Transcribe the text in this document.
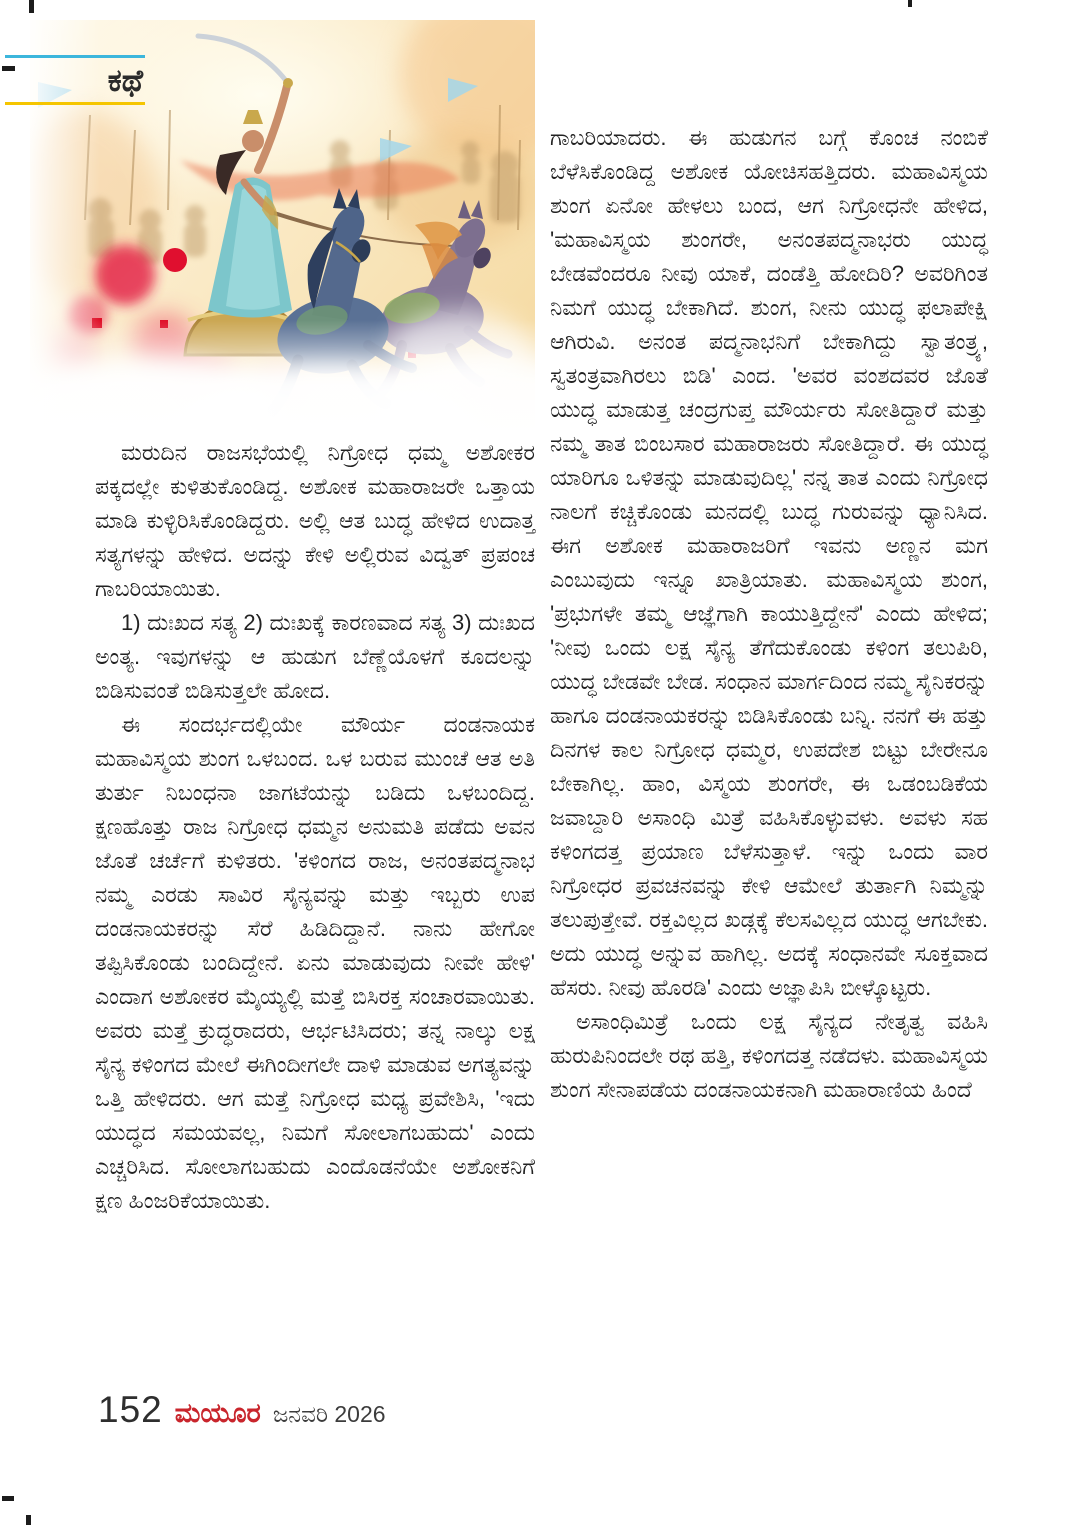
ಕಥೆ

ಮರುದಿನ ರಾಜಸಭೆಯಲ್ಲಿ ನಿಗ್ರೋಧ ಧಮ್ಮ ಅಶೋಕರ ಪಕ್ಕದಲ್ಲೇ ಕುಳಿತುಕೊಂಡಿದ್ದ. ಅಶೋಕ ಮಹಾರಾಜರೇ ಒತ್ತಾಯ ಮಾಡಿ ಕುಳ್ಳಿರಿಸಿಕೊಂಡಿದ್ದರು. ಅಲ್ಲಿ ಆತ ಬುದ್ಧ ಹೇಳಿದ ಉದಾತ್ತ ಸತ್ಯಗಳನ್ನು ಹೇಳಿದ. ಅದನ್ನು ಕೇಳಿ ಅಲ್ಲಿರುವ ವಿದ್ವತ್ ಪ್ರಪಂಚ ಗಾಬರಿಯಾಯಿತು.

1) ದುಃಖದ ಸತ್ಯ 2) ದುಃಖಕ್ಕೆ ಕಾರಣವಾದ ಸತ್ಯ 3) ದುಃಖದ ಅಂತ್ಯ. ಇವುಗಳನ್ನು ಆ ಹುಡುಗ ಬೆಣ್ಣೆಯೊಳಗೆ ಕೂದಲನ್ನು ಬಿಡಿಸುವಂತೆ ಬಿಡಿಸುತ್ತಲೇ ಹೋದ.

ಈ ಸಂದರ್ಭದಲ್ಲಿಯೇ ಮೌರ್ಯ ದಂಡನಾಯಕ ಮಹಾವಿಸ್ಮಯ ಶುಂಗ ಒಳಬಂದ. ಒಳ ಬರುವ ಮುಂಚೆ ಆತ ಅತಿ ತುರ್ತು ನಿಬಂಧನಾ ಜಾಗಟೆಯನ್ನು ಬಡಿದು ಒಳಬಂದಿದ್ದ. ಕ್ಷಣಹೊತ್ತು ರಾಜ ನಿಗ್ರೋಧ ಧಮ್ಮನ ಅನುಮತಿ ಪಡೆದು ಅವನ ಜೊತೆ ಚರ್ಚೆಗೆ ಕುಳಿತರು. 'ಕಳಿಂಗದ ರಾಜ, ಅನಂತಪದ್ಮನಾಭ ನಮ್ಮ ಎರಡು ಸಾವಿರ ಸೈನ್ಯವನ್ನು ಮತ್ತು ಇಬ್ಬರು ಉಪ ದಂಡನಾಯಕರನ್ನು ಸೆರೆ ಹಿಡಿದಿದ್ದಾನೆ. ನಾನು ಹೇಗೋ ತಪ್ಪಿಸಿಕೊಂಡು ಬಂದಿದ್ದೇನೆ. ಏನು ಮಾಡುವುದು ನೀವೇ ಹೇಳಿ' ಎಂದಾಗ ಅಶೋಕರ ಮೈಯ್ಯಲ್ಲಿ ಮತ್ತೆ ಬಿಸಿರಕ್ತ ಸಂಚಾರವಾಯಿತು. ಅವರು ಮತ್ತೆ ಕ್ರುದ್ಧರಾದರು, ಆರ್ಭಟಿಸಿದರು; ತನ್ನ ನಾಲ್ಕು ಲಕ್ಷ ಸೈನ್ಯ ಕಳಿಂಗದ ಮೇಲೆ ಈಗಿಂದೀಗಲೇ ದಾಳಿ ಮಾಡುವ ಅಗತ್ಯವನ್ನು ಒತ್ತಿ ಹೇಳಿದರು. ಆಗ ಮತ್ತೆ ನಿಗ್ರೋಧ ಮಧ್ಯ ಪ್ರವೇಶಿಸಿ, 'ಇದು ಯುದ್ಧದ ಸಮಯವಲ್ಲ, ನಿಮಗೆ ಸೋಲಾಗಬಹುದು' ಎಂದು ಎಚ್ಚರಿಸಿದ. ಸೋಲಾಗಬಹುದು ಎಂದೊಡನೆಯೇ ಅಶೋಕನಿಗೆ ಕ್ಷಣ ಹಿಂಜರಿಕೆಯಾಯಿತು.

ಗಾಬರಿಯಾದರು. ಈ ಹುಡುಗನ ಬಗ್ಗೆ ಕೊಂಚ ನಂಬಿಕೆ ಬೆಳೆಸಿಕೊಂಡಿದ್ದ ಅಶೋಕ ಯೋಚಿಸಹತ್ತಿದರು. ಮಹಾವಿಸ್ಮಯ ಶುಂಗ ಏನೋ ಹೇಳಲು ಬಂದ, ಆಗ ನಿಗ್ರೋಧನೇ ಹೇಳಿದ, 'ಮಹಾವಿಸ್ಮಯ ಶುಂಗರೇ, ಅನಂತಪದ್ಮನಾಭರು ಯುದ್ಧ ಬೇಡವೆಂದರೂ ನೀವು ಯಾಕೆ, ದಂಡೆತ್ತಿ ಹೋದಿರಿ? ಅವರಿಗಿಂತ ನಿಮಗೆ ಯುದ್ಧ ಬೇಕಾಗಿದೆ. ಶುಂಗ, ನೀನು ಯುದ್ಧ ಫಲಾಪೇಕ್ಷಿ ಆಗಿರುವಿ. ಅನಂತ ಪದ್ಮನಾಭನಿಗೆ ಬೇಕಾಗಿದ್ದು ಸ್ವಾತಂತ್ರ್ಯ, ಸ್ವತಂತ್ರವಾಗಿರಲು ಬಿಡಿ' ಎಂದ. 'ಅವರ ವಂಶದವರ ಜೊತೆ ಯುದ್ಧ ಮಾಡುತ್ತ ಚಂದ್ರಗುಪ್ತ ಮೌರ್ಯರು ಸೋತಿದ್ದಾರೆ ಮತ್ತು ನಮ್ಮ ತಾತ ಬಿಂಬಸಾರ ಮಹಾರಾಜರು ಸೋತಿದ್ದಾರೆ. ಈ ಯುದ್ಧ ಯಾರಿಗೂ ಒಳಿತನ್ನು ಮಾಡುವುದಿಲ್ಲ' ನನ್ನ ತಾತ ಎಂದು ನಿಗ್ರೋಧ ನಾಲಗೆ ಕಚ್ಚಿಕೊಂಡು ಮನದಲ್ಲಿ ಬುದ್ಧ ಗುರುವನ್ನು ಧ್ಯಾನಿಸಿದ. ಈಗ ಅಶೋಕ ಮಹಾರಾಜರಿಗೆ ಇವನು ಅಣ್ಣನ ಮಗ ಎಂಬುವುದು ಇನ್ನೂ ಖಾತ್ರಿಯಾತು. ಮಹಾವಿಸ್ಮಯ ಶುಂಗ, 'ಪ್ರಭುಗಳೇ ತಮ್ಮ ಆಜ್ಞೆಗಾಗಿ ಕಾಯುತ್ತಿದ್ದೇನೆ' ಎಂದು ಹೇಳಿದ; 'ನೀವು ಒಂದು ಲಕ್ಷ ಸೈನ್ಯ ತೆಗೆದುಕೊಂಡು ಕಳಿಂಗ ತಲುಪಿರಿ, ಯುದ್ಧ ಬೇಡವೇ ಬೇಡ. ಸಂಧಾನ ಮಾರ್ಗದಿಂದ ನಮ್ಮ ಸೈನಿಕರನ್ನು ಹಾಗೂ ದಂಡನಾಯಕರನ್ನು ಬಿಡಿಸಿಕೊಂಡು ಬನ್ನಿ. ನನಗೆ ಈ ಹತ್ತು ದಿನಗಳ ಕಾಲ ನಿಗ್ರೋಧ ಧಮ್ಮರ, ಉಪದೇಶ ಬಿಟ್ಟು ಬೇರೇನೂ ಬೇಕಾಗಿಲ್ಲ. ಹಾಂ, ವಿಸ್ಮಯ ಶುಂಗರೇ, ಈ ಒಡಂಬಡಿಕೆಯ ಜವಾಬ್ದಾರಿ ಅಸಾಂಧಿ ಮಿತ್ರೆ ವಹಿಸಿಕೊಳ್ಳುವಳು. ಅವಳು ಸಹ ಕಳಿಂಗದತ್ತ ಪ್ರಯಾಣ ಬೆಳೆಸುತ್ತಾಳೆ. ಇನ್ನು ಒಂದು ವಾರ ನಿಗ್ರೋಧರ ಪ್ರವಚನವನ್ನು ಕೇಳಿ ಆಮೇಲೆ ತುರ್ತಾಗಿ ನಿಮ್ಮನ್ನು ತಲುಪುತ್ತೇವೆ. ರಕ್ತವಿಲ್ಲದ ಖಡ್ಗಕ್ಕೆ ಕೆಲಸವಿಲ್ಲದ ಯುದ್ಧ ಆಗಬೇಕು. ಅದು ಯುದ್ಧ ಅನ್ನುವ ಹಾಗಿಲ್ಲ. ಅದಕ್ಕೆ ಸಂಧಾನವೇ ಸೂಕ್ತವಾದ ಹೆಸರು. ನೀವು ಹೊರಡಿ' ಎಂದು ಅಜ್ಞಾಪಿಸಿ ಬೀಳ್ಕೊಟ್ಟರು.

ಅಸಾಂಧಿಮಿತ್ರೆ ಒಂದು ಲಕ್ಷ ಸೈನ್ಯದ ನೇತೃತ್ವ ವಹಿಸಿ ಹುರುಪಿನಿಂದಲೇ ರಥ ಹತ್ತಿ, ಕಳಿಂಗದತ್ತ ನಡೆದಳು. ಮಹಾವಿಸ್ಮಯ ಶುಂಗ ಸೇನಾಪಡೆಯ ದಂಡನಾಯಕನಾಗಿ ಮಹಾರಾಣಿಯ ಹಿಂದೆ

152 ಮಯೂರ ಜನವರಿ 2026
